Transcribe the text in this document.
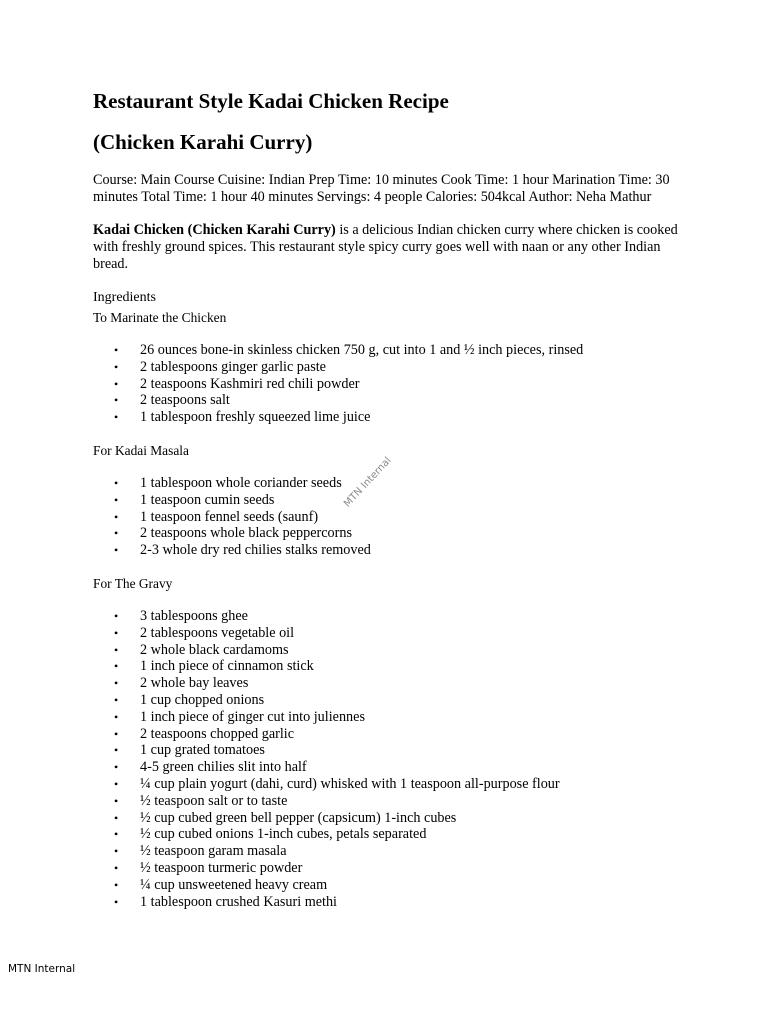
Restaurant Style Kadai Chicken Recipe
(Chicken Karahi Curry)

Course: Main Course Cuisine: Indian Prep Time: 10 minutes Cook Time: 1 hour Marination Time: 30 minutes Total Time: 1 hour 40 minutes Servings: 4 people Calories: 504kcal Author: Neha Mathur

Kadai Chicken (Chicken Karahi Curry) is a delicious Indian chicken curry where chicken is cooked with freshly ground spices. This restaurant style spicy curry goes well with naan or any other Indian bread.

Ingredients

To Marinate the Chicken

• 26 ounces bone-in skinless chicken 750 g, cut into 1 and ½ inch pieces, rinsed
• 2 tablespoons ginger garlic paste
• 2 teaspoons Kashmiri red chili powder
• 2 teaspoons salt
• 1 tablespoon freshly squeezed lime juice

For Kadai Masala

• 1 tablespoon whole coriander seeds
• 1 teaspoon cumin seeds
• 1 teaspoon fennel seeds (saunf)
• 2 teaspoons whole black peppercorns
• 2-3 whole dry red chilies stalks removed

For The Gravy

• 3 tablespoons ghee
• 2 tablespoons vegetable oil
• 2 whole black cardamoms
• 1 inch piece of cinnamon stick
• 2 whole bay leaves
• 1 cup chopped onions
• 1 inch piece of ginger cut into juliennes
• 2 teaspoons chopped garlic
• 1 cup grated tomatoes
• 4-5 green chilies slit into half
• ¼ cup plain yogurt (dahi, curd) whisked with 1 teaspoon all-purpose flour
• ½ teaspoon salt or to taste
• ½ cup cubed green bell pepper (capsicum) 1-inch cubes
• ½ cup cubed onions 1-inch cubes, petals separated
• ½ teaspoon garam masala
• ½ teaspoon turmeric powder
• ¼ cup unsweetened heavy cream
• 1 tablespoon crushed Kasuri methi
MTN Internal
MTN Internal
